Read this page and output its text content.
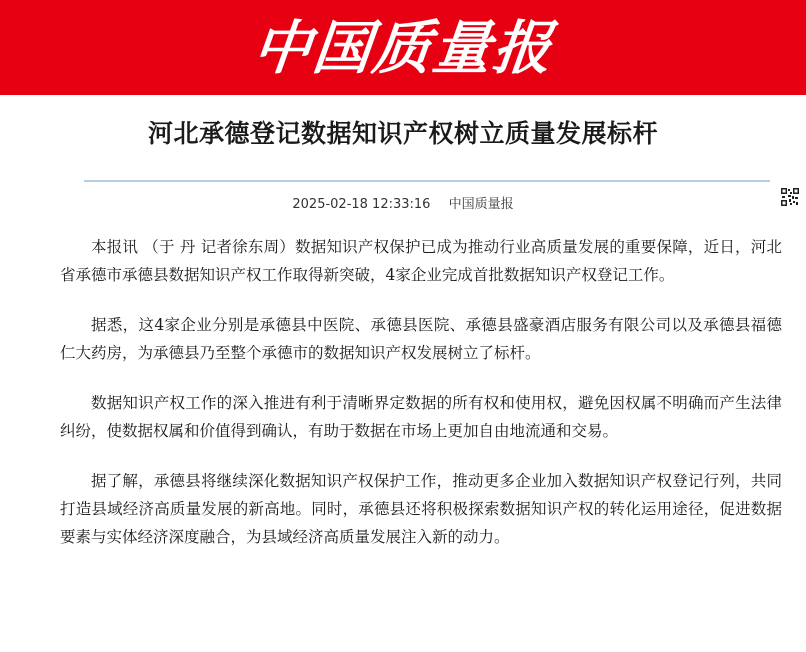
中国质量报
河北承德登记数据知识产权树立质量发展标杆
2025-02-18 12:33:16 中国质量报

本报讯 （于 丹 记者徐东周）数据知识产权保护已成为推动行业高质量发展的重要保障，近日，河北省承德市承德县数据知识产权工作取得新突破，4家企业完成首批数据知识产权登记工作。

据悉，这4家企业分别是承德县中医院、承德县医院、承德县盛豪酒店服务有限公司以及承德县福德仁大药房，为承德县乃至整个承德市的数据知识产权发展树立了标杆。

数据知识产权工作的深入推进有利于清晰界定数据的所有权和使用权，避免因权属不明确而产生法律纠纷，使数据权属和价值得到确认，有助于数据在市场上更加自由地流通和交易。

据了解，承德县将继续深化数据知识产权保护工作，推动更多企业加入数据知识产权登记行列，共同打造县域经济高质量发展的新高地。同时，承德县还将积极探索数据知识产权的转化运用途径，促进数据要素与实体经济深度融合，为县域经济高质量发展注入新的动力。
